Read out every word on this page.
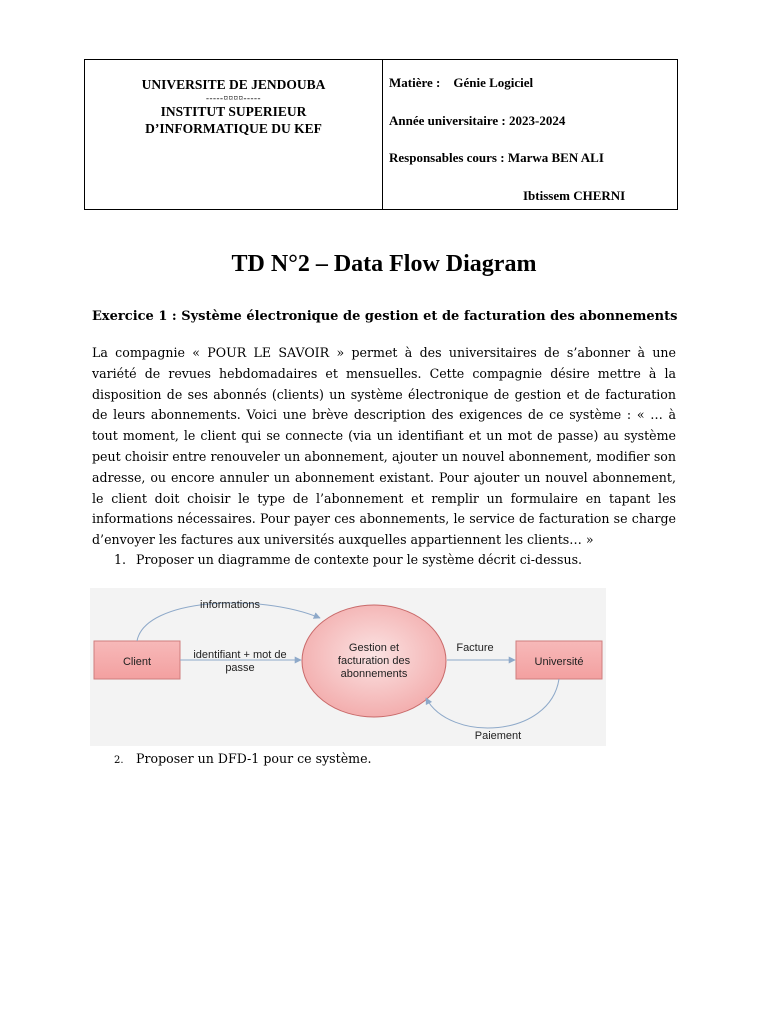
UNIVERSITE DE JENDOUBA
-----¤¤¤¤-----
INSTITUT SUPERIEUR
D’INFORMATIQUE DU KEF
Matière : Génie Logiciel
Année universitaire : 2023-2024
Responsables cours : Marwa BEN ALI
Ibtissem CHERNI
TD N°2 – Data Flow Diagram
Exercice 1 : Système électronique de gestion et de facturation des abonnements
La compagnie « POUR LE SAVOIR » permet à des universitaires de s’abonner à une variété de revues hebdomadaires et mensuelles. Cette compagnie désire mettre à la disposition de ses abonnés (clients) un système électronique de gestion et de facturation de leurs abonnements. Voici une brève description des exigences de ce système : « … à tout moment, le client qui se connecte (via un identifiant et un mot de passe) au système peut choisir entre renouveler un abonnement, ajouter un nouvel abonnement, modifier son adresse, ou encore annuler un abonnement existant. Pour ajouter un nouvel abonnement, le client doit choisir le type de l’abonnement et remplir un formulaire en tapant les informations nécessaires. Pour payer ces abonnements, le service de facturation se charge d’envoyer les factures aux universités auxquelles appartiennent les clients… »
1. Proposer un diagramme de contexte pour le système décrit ci-dessus.
Client	Université
Gestion et
facturation des
abonnements
informations
identifiant + mot de
passe
Facture
Paiement
2. Proposer un DFD-1 pour ce système.
